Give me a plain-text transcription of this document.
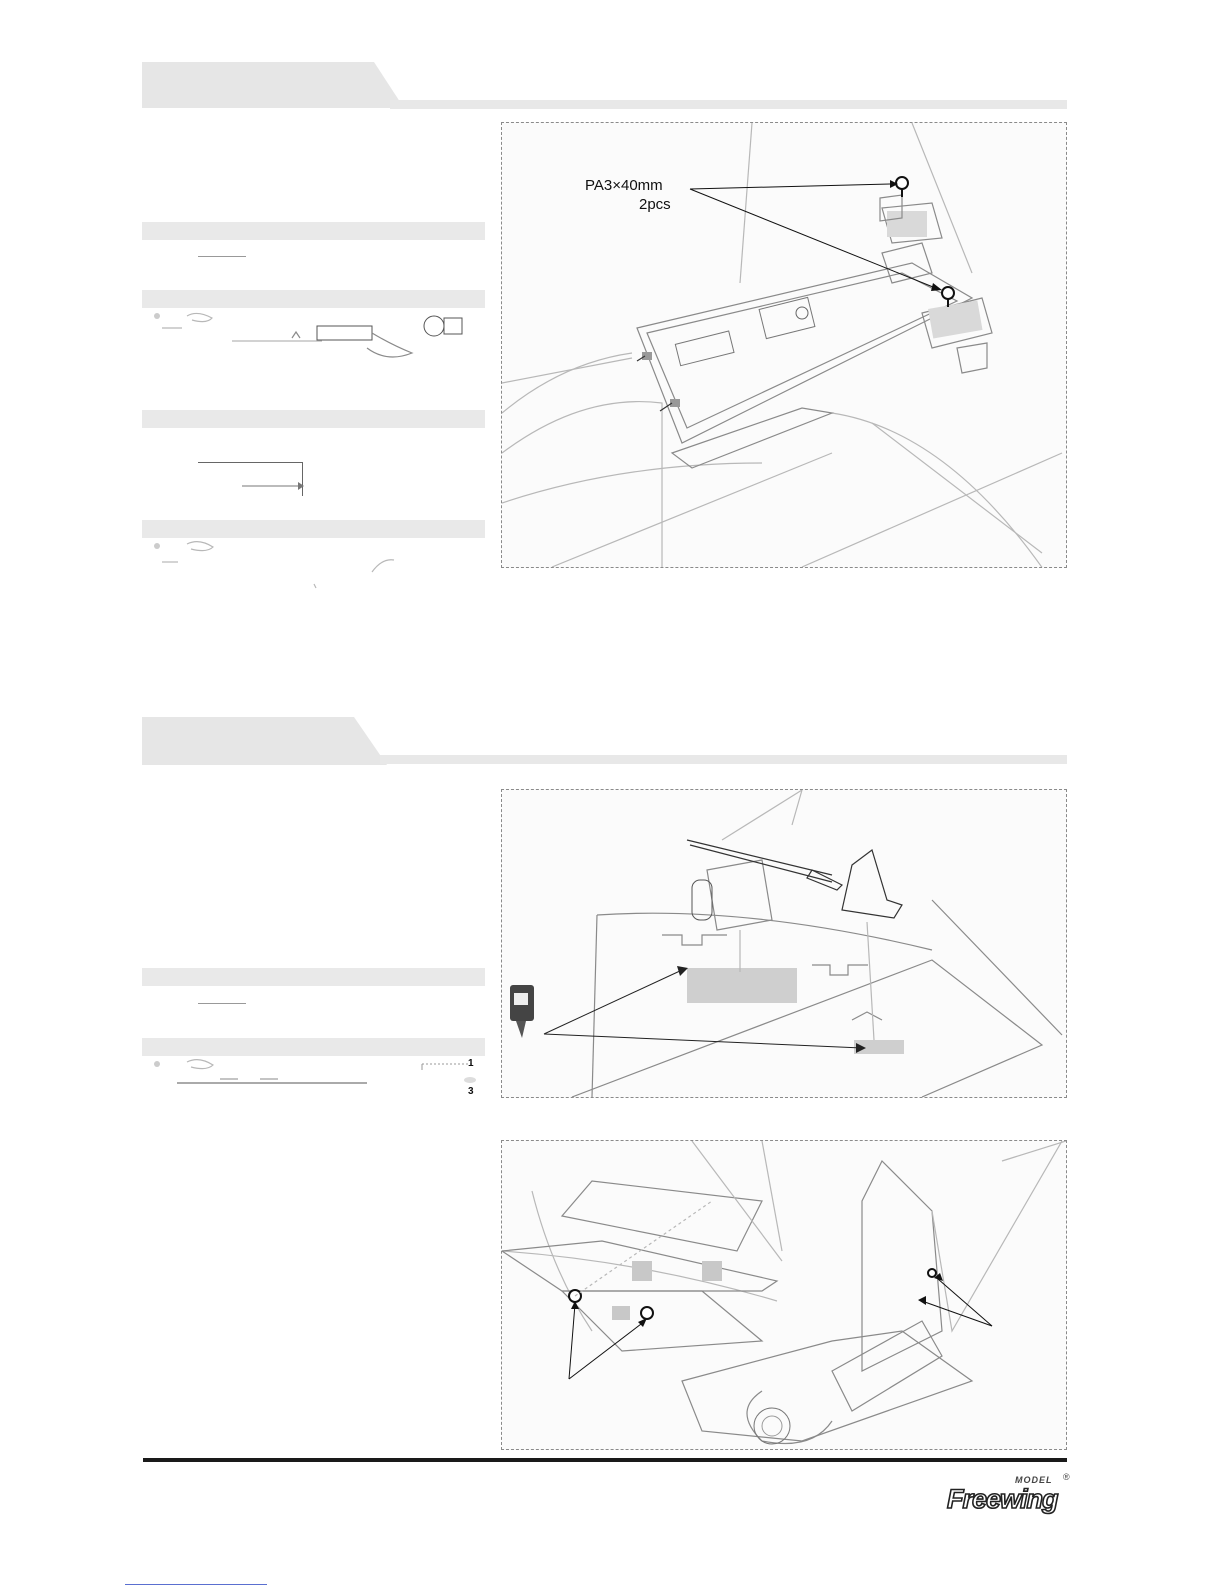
PA3×40mm
2pcs
1
3
MODEL ®
Freewing
